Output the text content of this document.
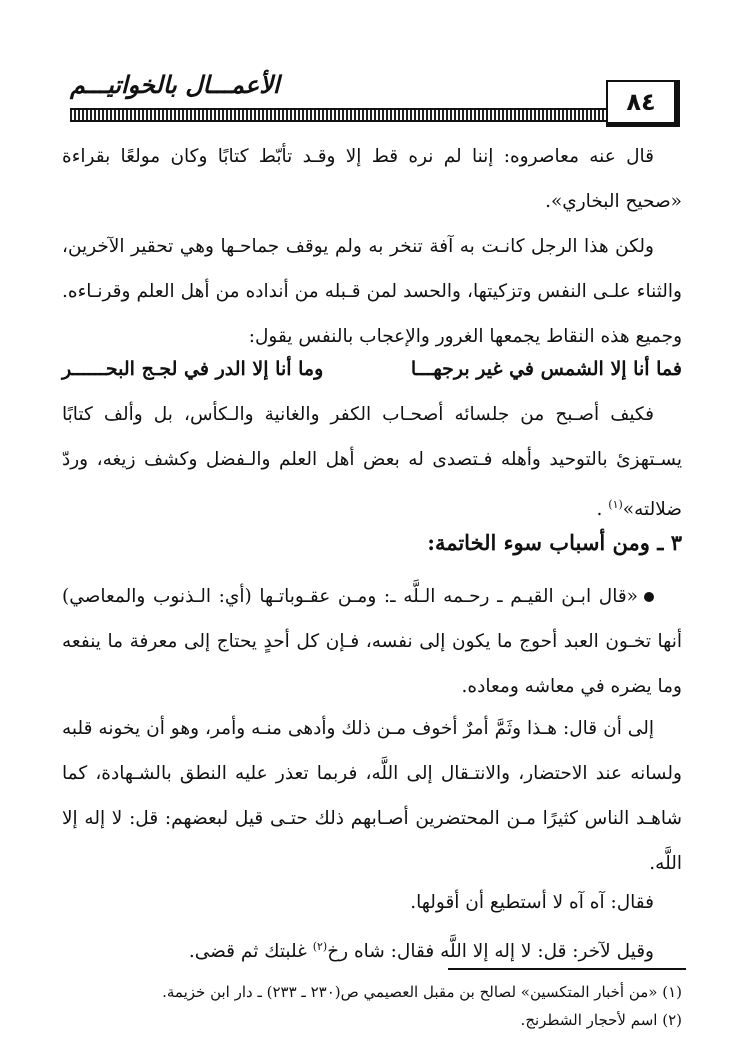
الأعمـــال بالخواتيـــم
٨٤
قال عنه معاصروه: إننا لم نره قط إلا وقـد تأبّط كتابًا وكان مولعًا بقراءة «صحيح البخاري».
ولكن هذا الرجل كانـت به آفة تنخر به ولم يوقف جماحـها وهي تحقير الآخرين، والثناء علـى النفس وتزكيتها، والحسد لمن قـبله من أنداده من أهل العلم وقرنـاءه. وجميع هذه النقاط يجمعها الغرور والإعجاب بالنفس يقول:
فما أنا إلا الشمس في غير برجهـــا
وما أنا إلا الدر في لجـج البحــــــر
فكيف أصـبح من جلسائه أصحـاب الكفر والغانية والـكأس، بل وألف كتابًا يسـتهزئ بالتوحيد وأهله فـتصدى له بعض أهل العلم والـفضل وكشف زيغه، وردّ ضلالته»$^{(١)}$ .
٣ ـ ومن أسباب سوء الخاتمة:
«قال ابـن القيـم ـ رحـمه الـلَّه ـ: ومـن عقـوباتـها (أي: الـذنوب والمعاصي) أنها تخـون العبد أحوج ما يكون إلى نفسه، فـإن كل أحدٍ يحتاج إلى معرفة ما ينفعه وما يضره في معاشه ومعاده.
إلى أن قال: هـذا وثَمَّ أمرٌ أخوف مـن ذلك وأدهى منـه وأمر، وهو أن يخونه قلبه ولسانه عند الاحتضار، والانتـقال إلى اللَّه، فربما تعذر عليه النطق بالشـهادة، كما شاهـد الناس كثيرًا مـن المحتضرين أصـابهم ذلك حتـى قيل لبعضهم: قل: لا إله إلا اللَّه.
فقال: آه آه لا أستطيع أن أقولها.
وقيل لآخر: قل: لا إله إلا اللَّه فقال: شاه رخ$^{(٢)}$ غلبتك ثم قضى.
(١) «من أخبار المتكسين» لصالح بن مقبل العصيمي ص(٢٣٠ ـ ٢٣٣) ـ دار ابن خزيمة.
(٢) اسم لأحجار الشطرنج.
